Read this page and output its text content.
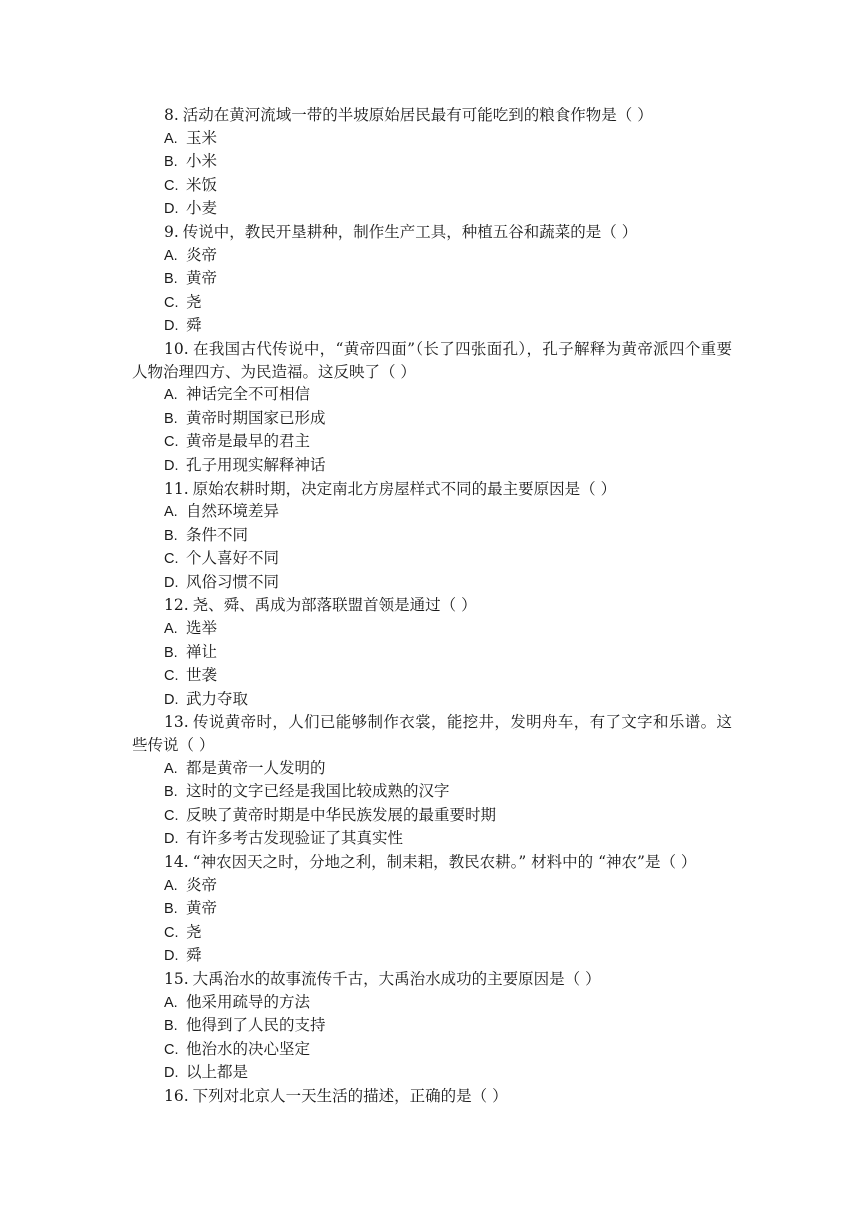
8. 活动在黄河流域一带的半坡原始居民最有可能吃到的粮食作物是（ ）

A. 玉米

B. 小米

C. 米饭

D. 小麦

9. 传说中，教民开垦耕种，制作生产工具，种植五谷和蔬菜的是（ ）

A. 炎帝

B. 黄帝

C. 尧

D. 舜

10. 在我国古代传说中，“黄帝四面”（长了四张面孔），孔子解释为黄帝派四个重要人物治理四方、为民造福。这反映了（ ）

A. 神话完全不可相信

B. 黄帝时期国家已形成

C. 黄帝是最早的君主

D. 孔子用现实解释神话

11. 原始农耕时期，决定南北方房屋样式不同的最主要原因是（ ）

A. 自然环境差异

B. 条件不同

C. 个人喜好不同

D. 风俗习惯不同

12. 尧、舜、禹成为部落联盟首领是通过（ ）

A. 选举

B. 禅让

C. 世袭

D. 武力夺取

13. 传说黄帝时，人们已能够制作衣裳，能挖井，发明舟车，有了文字和乐谱。这些传说（ ）

A. 都是黄帝一人发明的

B. 这时的文字已经是我国比较成熟的汉字

C. 反映了黄帝时期是中华民族发展的最重要时期

D. 有许多考古发现验证了其真实性

14. “神农因天之时，分地之利，制耒耜，教民农耕。” 材料中的 “神农”是（ ）

A. 炎帝

B. 黄帝

C. 尧

D. 舜

15. 大禹治水的故事流传千古，大禹治水成功的主要原因是（ ）

A. 他采用疏导的方法

B. 他得到了人民的支持

C. 他治水的决心坚定

D. 以上都是

16. 下列对北京人一天生活的描述，正确的是（ ）
